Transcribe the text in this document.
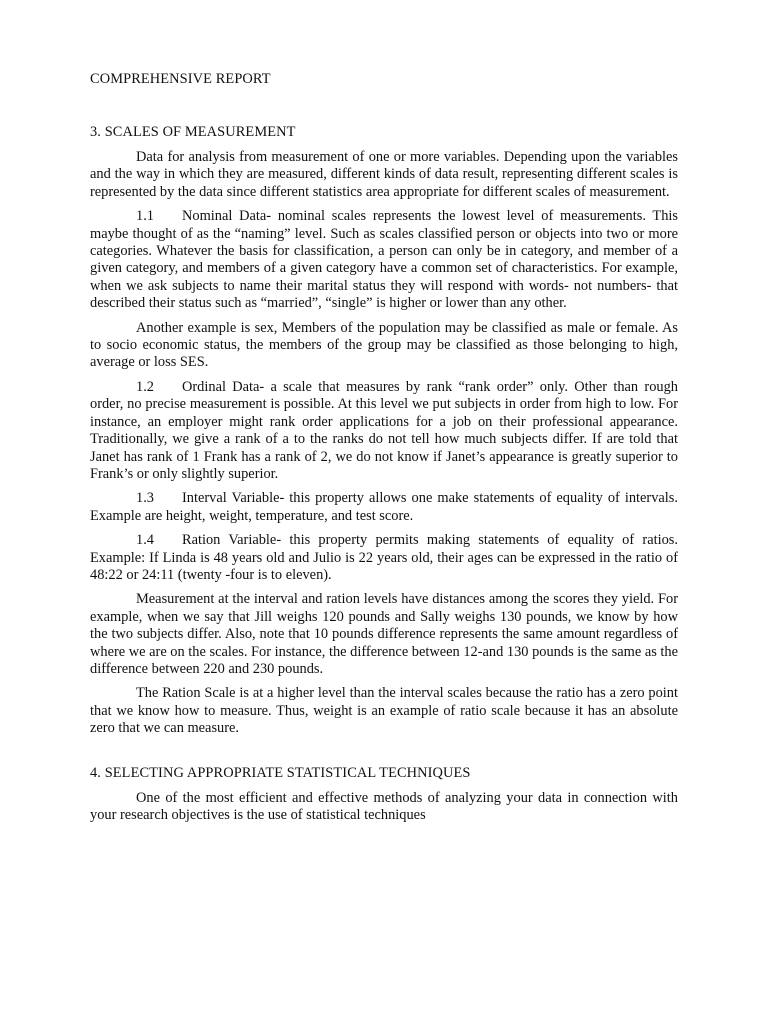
COMPREHENSIVE REPORT
3. SCALES OF MEASUREMENT

Data for analysis from measurement of one or more variables. Depending upon the variables and the way in which they are measured, different kinds of data result, representing different scales is represented by the data since different statistics area appropriate for different scales of measurement.

1.1 Nominal Data- nominal scales represents the lowest level of measurements. This maybe thought of as the “naming” level. Such as scales classified person or objects into two or more categories. Whatever the basis for classification, a person can only be in category, and member of a given category, and members of a given category have a common set of characteristics. For example, when we ask subjects to name their marital status they will respond with words- not numbers- that described their status such as “married”, “single” is higher or lower than any other.

Another example is sex, Members of the population may be classified as male or female. As to socio economic status, the members of the group may be classified as those belonging to high, average or loss SES.

1.2 Ordinal Data- a scale that measures by rank “rank order” only. Other than rough order, no precise measurement is possible. At this level we put subjects in order from high to low. For instance, an employer might rank order applications for a job on their professional appearance. Traditionally, we give a rank of a to the ranks do not tell how much subjects differ. If are told that Janet has rank of 1 Frank has a rank of 2, we do not know if Janet’s appearance is greatly superior to Frank’s or only slightly superior.

1.3 Interval Variable- this property allows one make statements of equality of intervals. Example are height, weight, temperature, and test score.

1.4 Ration Variable- this property permits making statements of equality of ratios. Example: If Linda is 48 years old and Julio is 22 years old, their ages can be expressed in the ratio of 48:22 or 24:11 (twenty -four is to eleven).

Measurement at the interval and ration levels have distances among the scores they yield. For example, when we say that Jill weighs 120 pounds and Sally weighs 130 pounds, we know by how the two subjects differ. Also, note that 10 pounds difference represents the same amount regardless of where we are on the scales. For instance, the difference between 12-and 130 pounds is the same as the difference between 220 and 230 pounds.

The Ration Scale is at a higher level than the interval scales because the ratio has a zero point that we know how to measure. Thus, weight is an example of ratio scale because it has an absolute zero that we can measure.

4. SELECTING APPROPRIATE STATISTICAL TECHNIQUES

One of the most efficient and effective methods of analyzing your data in connection with your research objectives is the use of statistical techniques
